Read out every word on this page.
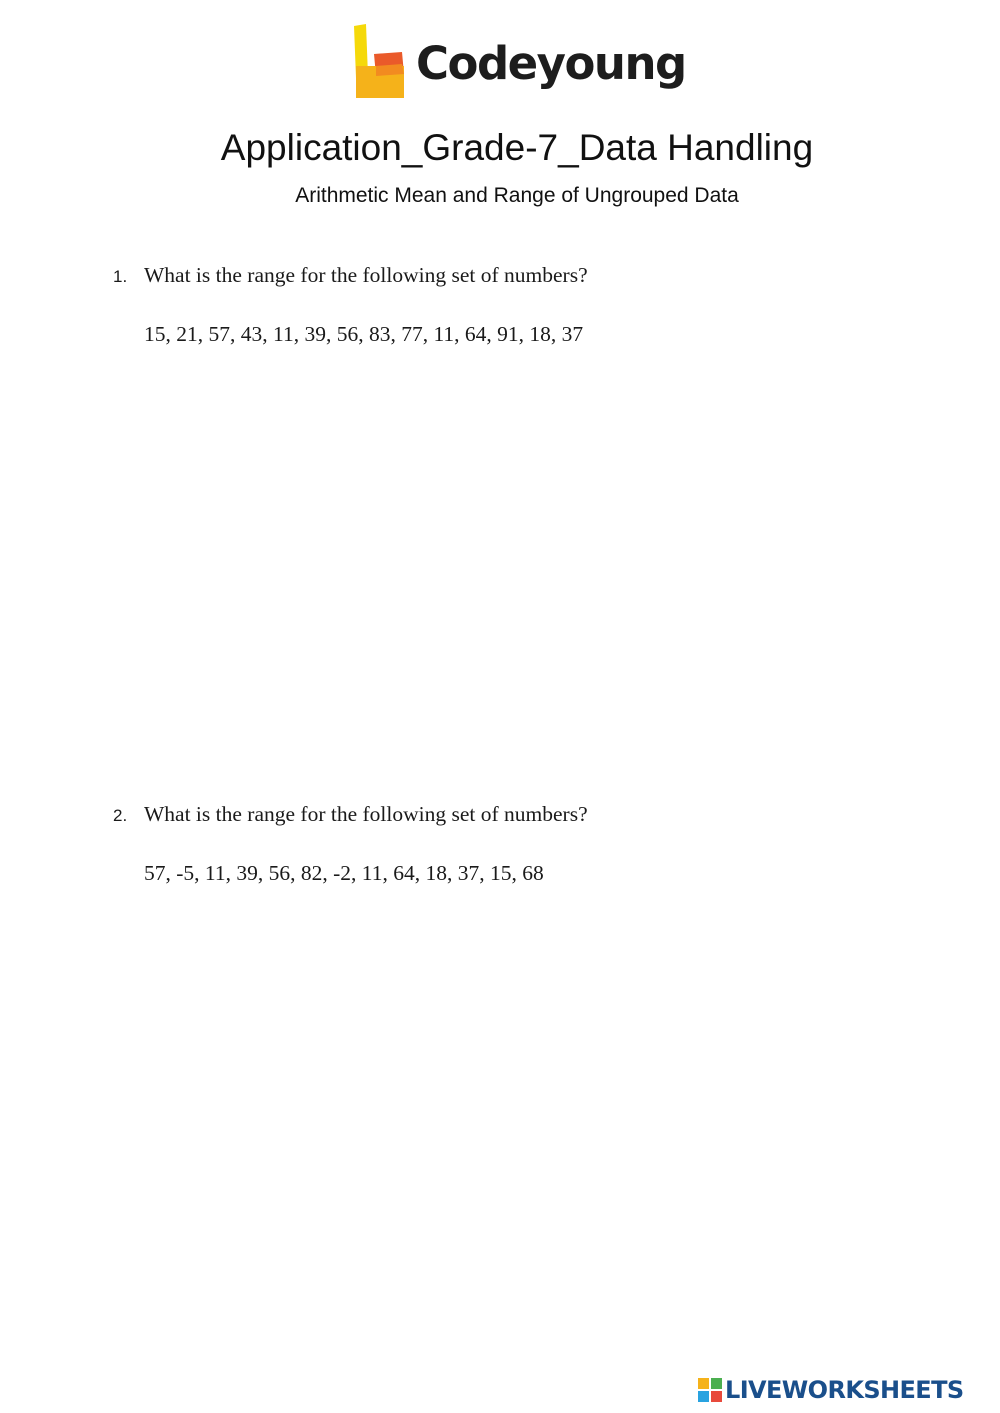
Codeyoung
Application_Grade-7_Data Handling
Arithmetic Mean and Range of Ungrouped Data
1. What is the range for the following set of numbers?
15, 21, 57, 43, 11, 39, 56, 83, 77, 11, 64, 91, 18, 37
2. What is the range for the following set of numbers?
57, -5, 11, 39, 56, 82, -2, 11, 64, 18, 37, 15, 68
LIVEWORKSHEETS
